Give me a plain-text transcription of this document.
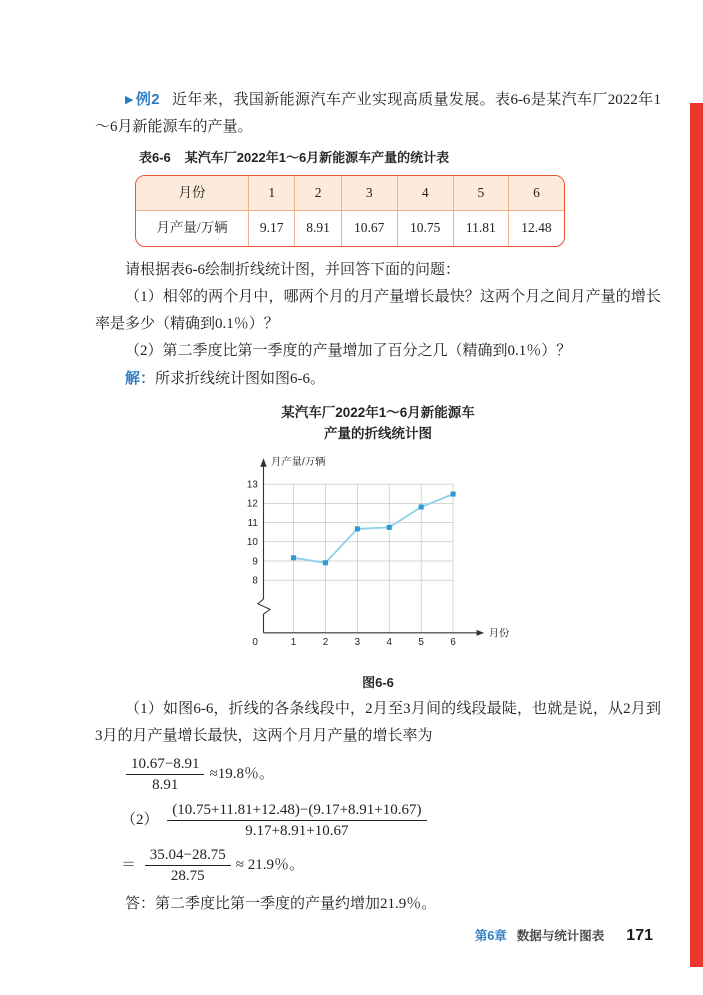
▶ 例2 近年来，我国新能源汽车产业实现高质量发展。表6-6是某汽车厂2022年1～6月新能源车的产量。

表6-6 某汽车厂2022年1～6月新能源车产量的统计表
月份	1	2	3	4	5	6
月产量/万辆	9.17	8.91	10.67	10.75	11.81	12.48

请根据表6-6绘制折线统计图，并回答下面的问题：

（1）相邻的两个月中，哪两个月的月产量增长最快？这两个月之间月产量的增长率是多少（精确到0.1％）？

（2）第二季度比第一季度的产量增加了百分之几（精确到0.1％）？

解：所求折线统计图如图6-6。

某汽车厂2022年1～6月新能源车
产量的折线统计图
月产量/万辆
月份
8
9
10
11
12
13
1	2	3	4	5	6
0
图6-6

（1）如图6-6，折线的各条线段中，2月至3月间的线段最陡，也就是说，从2月到3月的月产量增长最快，这两个月月产量的增长率为

$\frac{10.67-8.91}{8.91} \approx 19.8$％。
$(2) \frac{(10.75+11.81+12.48)-(9.17+8.91+10.67)}{9.17+8.91+10.67}$
＝ $\frac{35.04-28.75}{28.75} \approx 21.9$％。

答：第二季度比第一季度的产量约增加21.9％。

第6章 数据与统计图表 171
